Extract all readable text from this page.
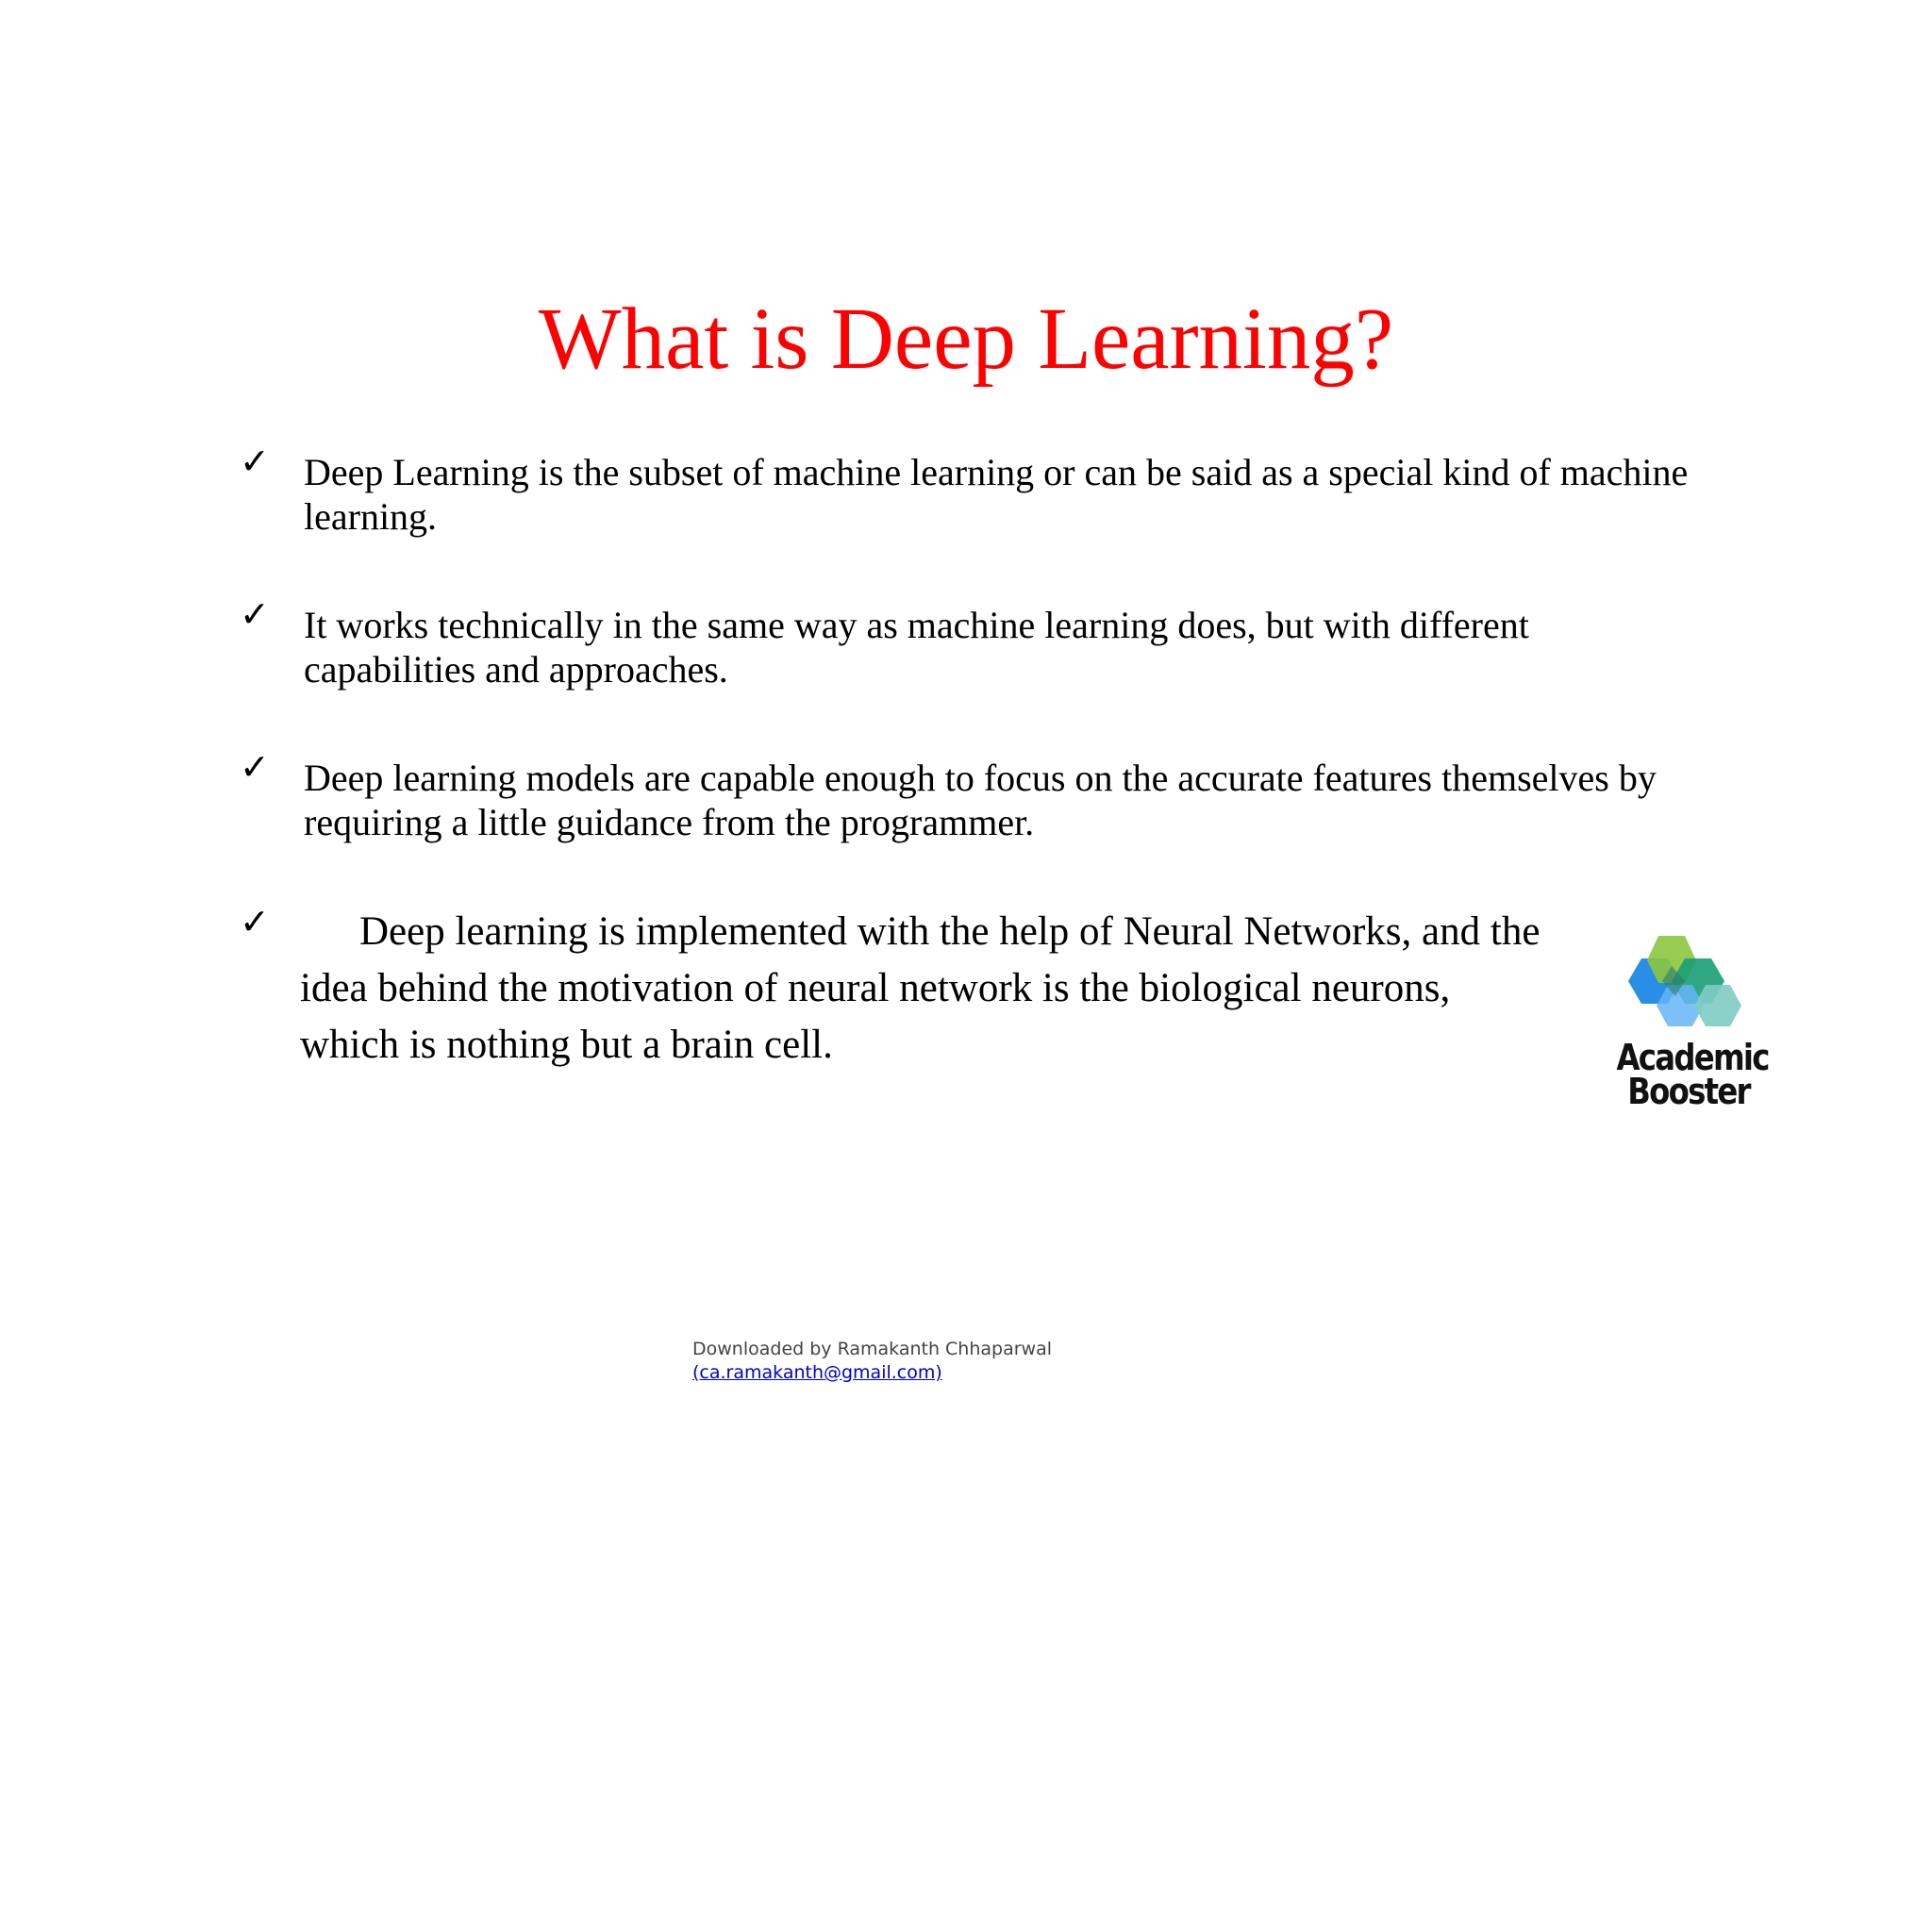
What is Deep Learning?
✓ Deep Learning is the subset of machine learning or can be said as a special kind of machine learning.

✓ It works technically in the same way as machine learning does, but with different capabilities and approaches.

✓ Deep learning models are capable enough to focus on the accurate features themselves by requiring a little guidance from the programmer.

✓	Deep learning is implemented with the help of Neural Networks, and the idea behind the motivation of neural network is the biological neurons, which is nothing but a brain cell.	Academic
Booster
Downloaded by Ramakanth Chhaparwal
(ca.ramakanth@gmail.com)
